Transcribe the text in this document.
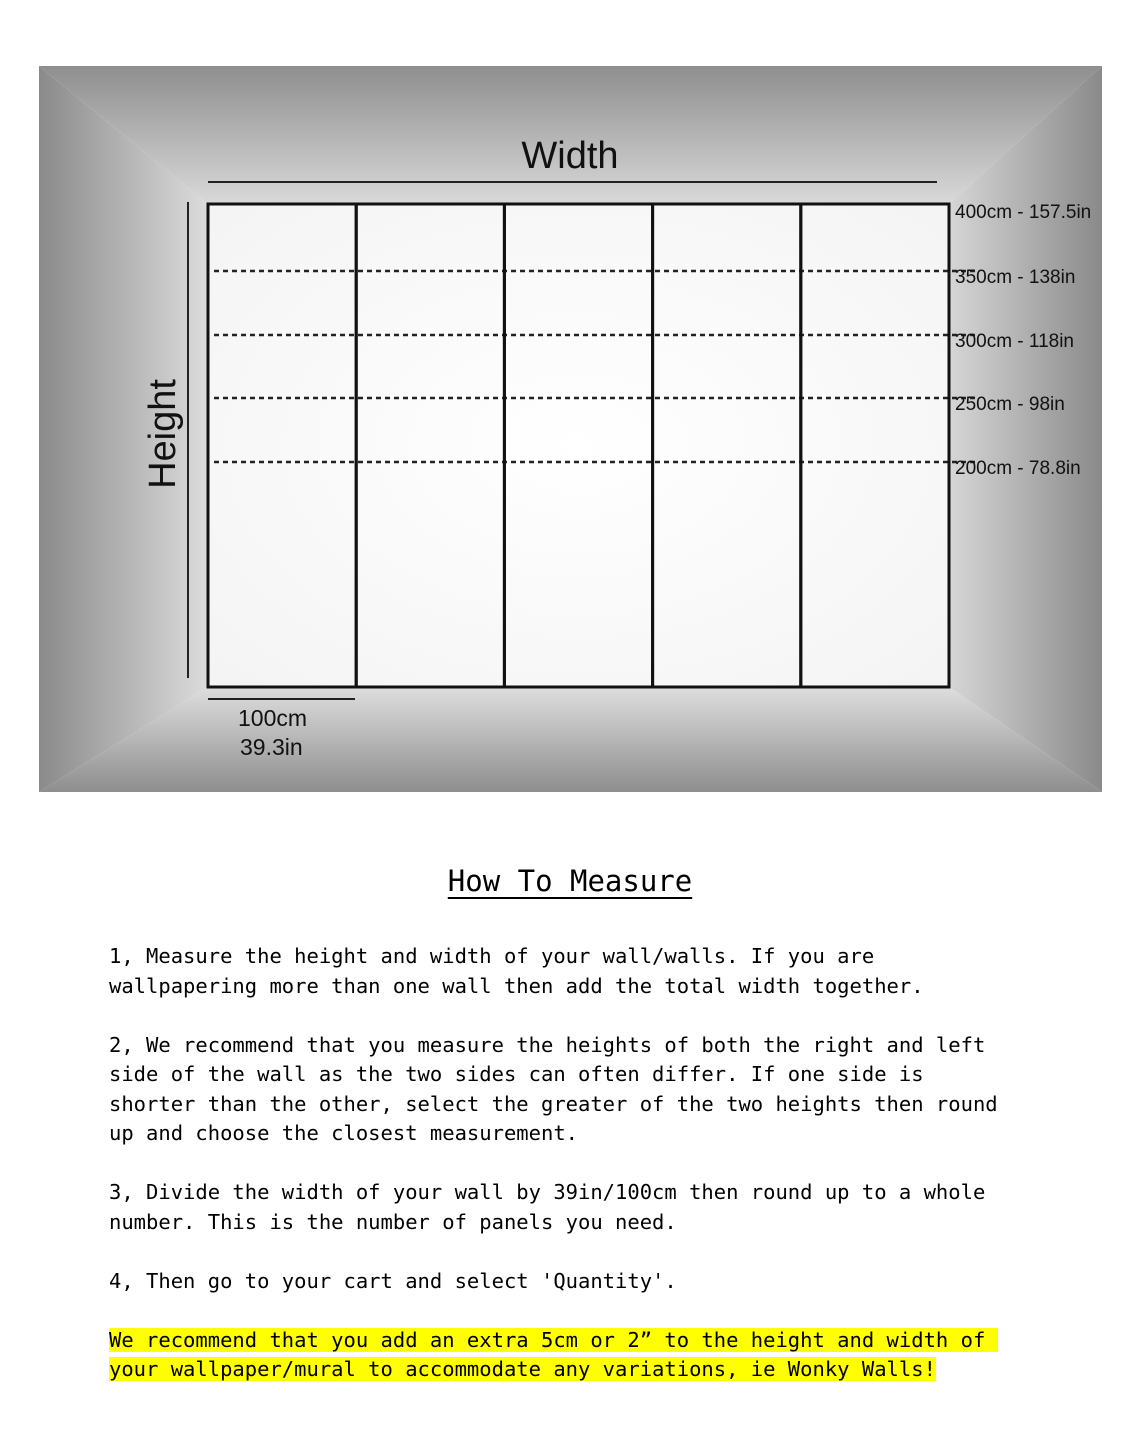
Width
Height
100cm
39.3in
400cm - 157.5in
350cm - 138in
300cm - 118in
250cm - 98in
200cm - 78.8in
How To Measure

1, Measure the height and width of your wall/walls. If you are
wallpapering more than one wall then add the total width together.

2, We recommend that you measure the heights of both the right and left
side of the wall as the two sides can often differ. If one side is
shorter than the other, select the greater of the two heights then round
up and choose the closest measurement.

3, Divide the width of your wall by 39in/100cm then round up to a whole
number. This is the number of panels you need.

4, Then go to your cart and select 'Quantity'.

We recommend that you add an extra 5cm or 2” to the height and width of
your wallpaper/mural to accommodate any variations, ie Wonky Walls!
